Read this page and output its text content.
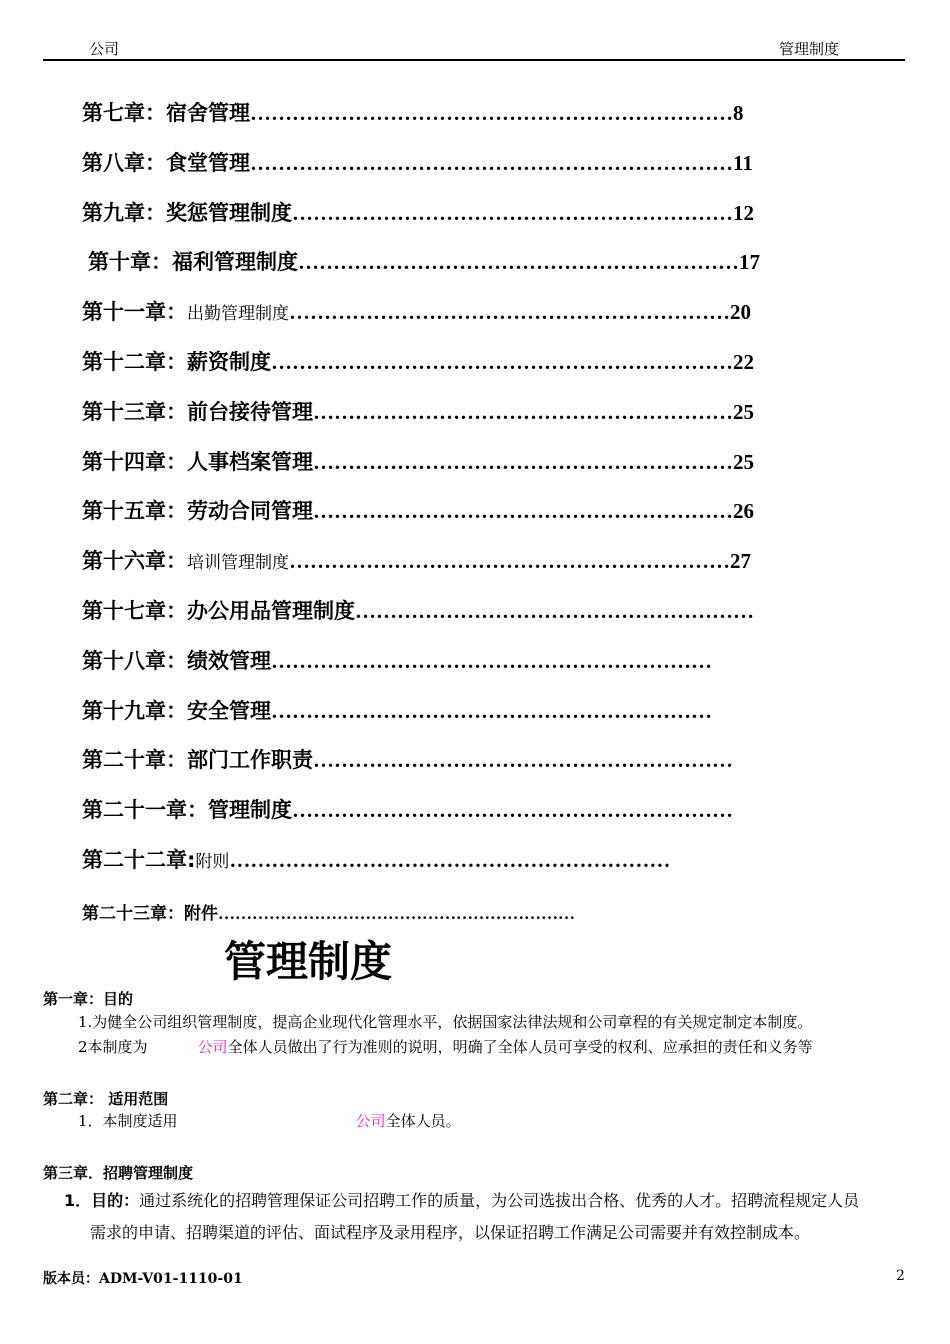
公司	管理制度
第七章：宿舍管理……………………………………………………………8
第八章：食堂管理……………………………………………………………11
第九章：奖惩管理制度………………………………………………………12
第十章：福利管理制度………………………………………………………17
第十一章：出勤管理制度………………………………………………………20
第十二章：薪资制度…………………………………………………………22
第十三章：前台接待管理……………………………………………………25
第十四章：人事档案管理……………………………………………………25
第十五章：劳动合同管理……………………………………………………26
第十六章：培训管理制度………………………………………………………27
第十七章：办公用品管理制度…………………………………………………
第十八章：绩效管理………………………………………………………
第十九章：安全管理………………………………………………………
第二十章：部门工作职责……………………………………………………
第二十一章：管理制度………………………………………………………
第二十二章:附则………………………………………………………
第二十三章：附件………………………………………………………
管理制度
第一章：目的
1.为健全公司组织管理制度，提高企业现代化管理水平，依据国家法律法规和公司章程的有关规定制定本制度。
2本制度为	公司全体人员做出了行为准则的说明，明确了全体人员可享受的权利、应承担的责任和义务等
第二章： 适用范围
1．本制度适用	公司全体人员。
第三章．招聘管理制度
1．目的：通过系统化的招聘管理保证公司招聘工作的质量，为公司选拔出合格、优秀的人才。招聘流程规定人员
需求的申请、招聘渠道的评估、面试程序及录用程序，以保证招聘工作满足公司需要并有效控制成本。
版本员：ADM-V01-1110-01	2
